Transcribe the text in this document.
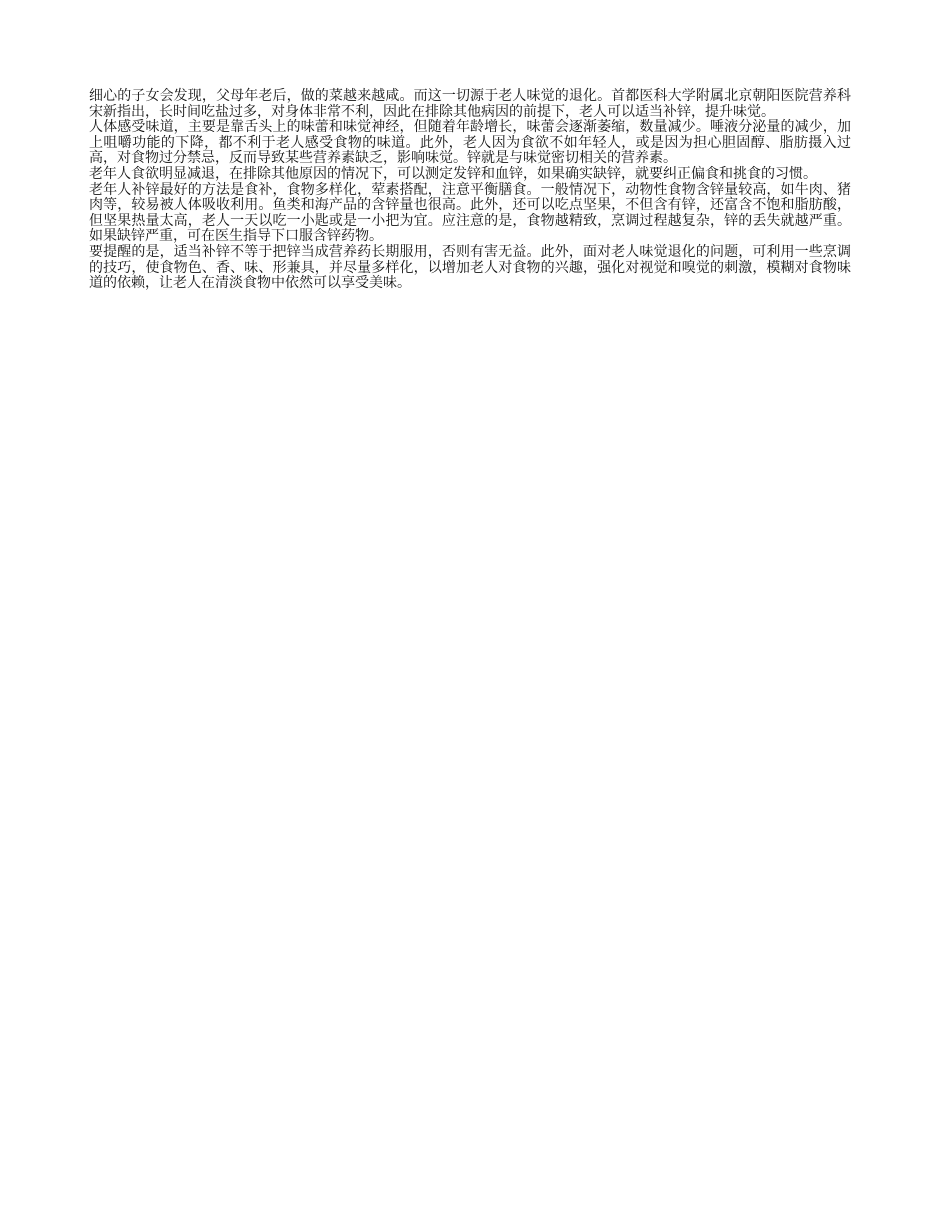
细心的子女会发现，父母年老后，做的菜越来越咸。而这一切源于老人味觉的退化。首都医科大学附属北京朝阳医院营养科宋新指出，长时间吃盐过多，对身体非常不利，因此在排除其他病因的前提下，老人可以适当补锌，提升味觉。

人体感受味道，主要是靠舌头上的味蕾和味觉神经，但随着年龄增长，味蕾会逐渐萎缩，数量减少。唾液分泌量的减少，加上咀嚼功能的下降，都不利于老人感受食物的味道。此外，老人因为食欲不如年轻人，或是因为担心胆固醇、脂肪摄入过高，对食物过分禁忌，反而导致某些营养素缺乏，影响味觉。锌就是与味觉密切相关的营养素。

老年人食欲明显减退，在排除其他原因的情况下，可以测定发锌和血锌，如果确实缺锌，就要纠正偏食和挑食的习惯。

老年人补锌最好的方法是食补，食物多样化，荤素搭配，注意平衡膳食。一般情况下，动物性食物含锌量较高，如牛肉、猪肉等，较易被人体吸收利用。鱼类和海产品的含锌量也很高。此外，还可以吃点坚果，不但含有锌，还富含不饱和脂肪酸，但坚果热量太高，老人一天以吃一小匙或是一小把为宜。应注意的是，食物越精致，烹调过程越复杂，锌的丢失就越严重。如果缺锌严重，可在医生指导下口服含锌药物。

要提醒的是，适当补锌不等于把锌当成营养药长期服用，否则有害无益。此外，面对老人味觉退化的问题，可利用一些烹调的技巧，使食物色、香、味、形兼具，并尽量多样化，以增加老人对食物的兴趣，强化对视觉和嗅觉的刺激，模糊对食物味道的依赖，让老人在清淡食物中依然可以享受美味。
